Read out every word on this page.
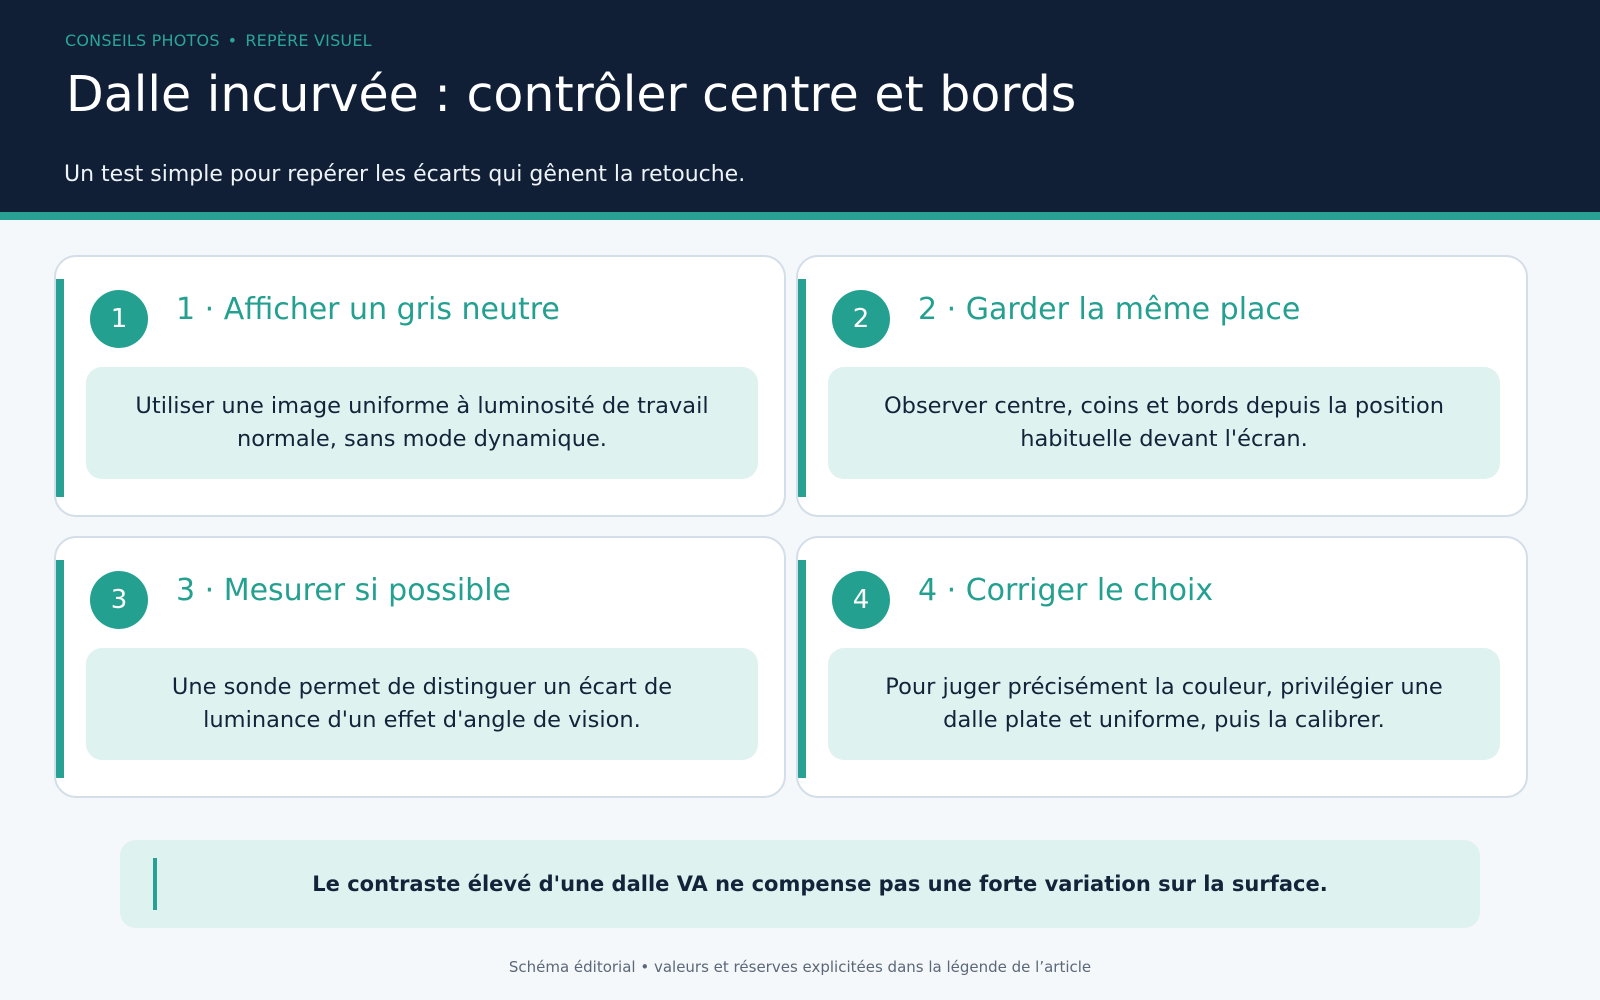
CONSEILS PHOTOS • REPÈRE VISUEL
Dalle incurvée : contrôler centre et bords
Un test simple pour repérer les écarts qui gênent la retouche.
1	1 · Afficher un gris neutre
Utiliser une image uniforme à luminosité de travail normale, sans mode dynamique.
2	2 · Garder la même place
Observer centre, coins et bords depuis la position habituelle devant l'écran.
3	3 · Mesurer si possible
Une sonde permet de distinguer un écart de luminance d'un effet d'angle de vision.
4	4 · Corriger le choix
Pour juger précisément la couleur, privilégier une dalle plate et uniforme, puis la calibrer.
Le contraste élevé d'une dalle VA ne compense pas une forte variation sur la surface.
Schéma éditorial • valeurs et réserves explicitées dans la légende de l’article
